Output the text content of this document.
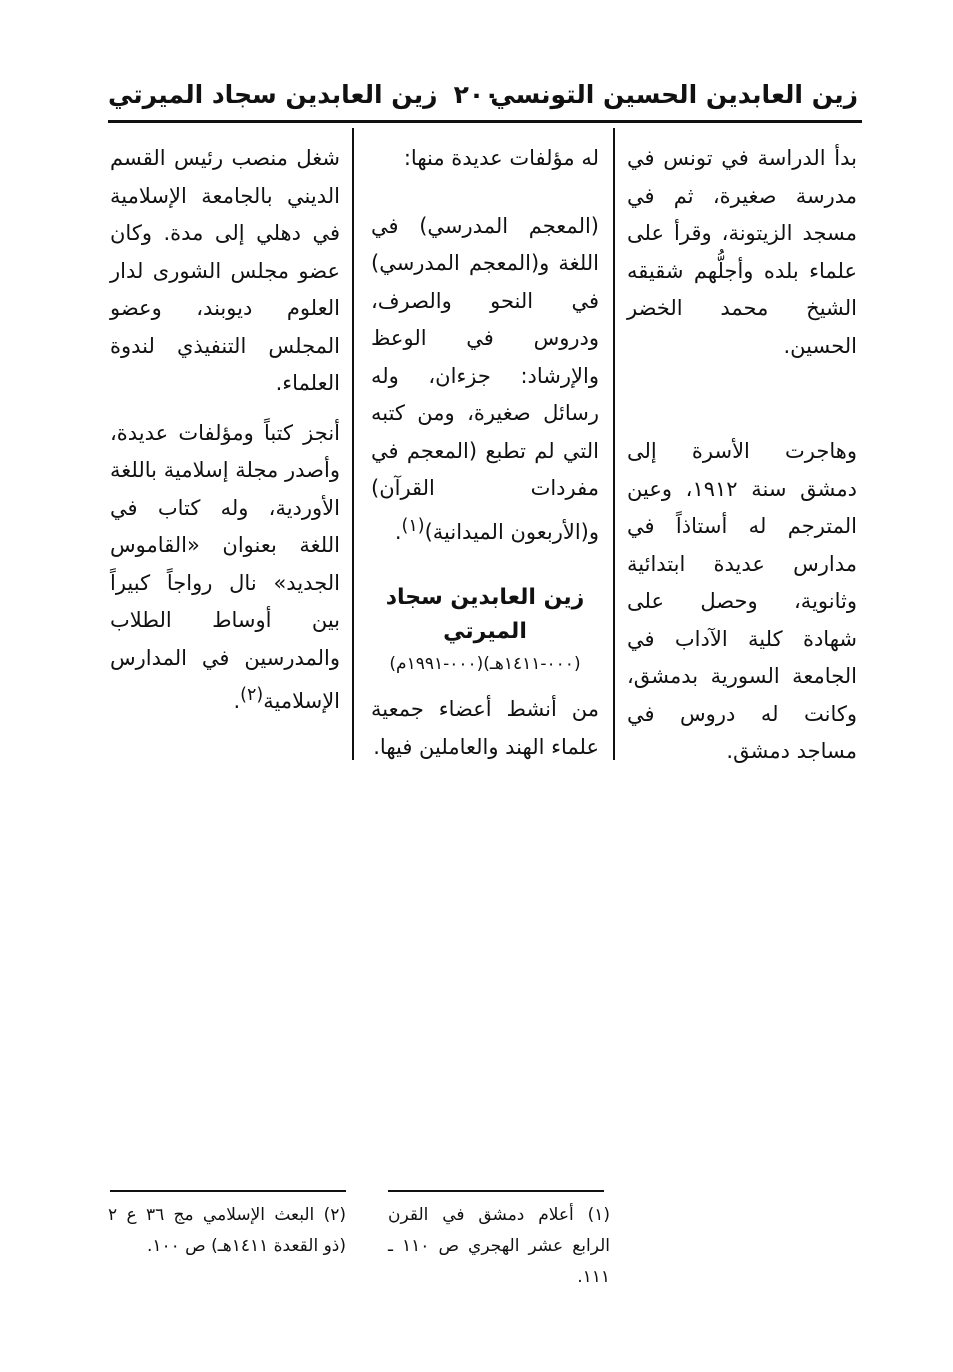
زين العابدين الحسين التونسي
٢٠٠
زين العابدين سجاد الميرتي

بدأ الدراسة في تونس في مدرسة صغيرة، ثم في مسجد الزيتونة، وقرأ على علماء بلده وأجلُّهم شقيقه الشيخ محمد الخضر الحسين.

وهاجرت الأسرة إلى دمشق سنة ١٩١٢، وعين المترجم له أستاذاً في مدارس عديدة ابتدائية وثانوية، وحصل على شهادة كلية الآداب في الجامعة السورية بدمشق، وكانت له دروس في مساجد دمشق.

له مؤلفات عديدة منها:

(المعجم المدرسي) في اللغة و(المعجم المدرسي) في النحو والصرف، ودروس في الوعظ والإرشاد: جزءان، وله رسائل صغيرة، ومن كتبه التي لم تطبع (المعجم في مفردات القرآن) و(الأربعون الميدانية)$^{(١)}$.

زين العابدين سجاد الميرتي

(٠٠٠-١٤١١هـ)(٠٠٠-١٩٩١م)

من أنشط أعضاء جمعية علماء الهند والعاملين فيها.

شغل منصب رئيس القسم الديني بالجامعة الإسلامية في دهلي إلى مدة. وكان عضو مجلس الشورى لدار العلوم ديوبند، وعضو المجلس التنفيذي لندوة العلماء.

أنجز كتباً ومؤلفات عديدة، وأصدر مجلة إسلامية باللغة الأوردية، وله كتاب في اللغة بعنوان «القاموس الجديد» نال رواجاً كبيراً بين أوساط الطلاب والمدرسين في المدارس الإسلامية$^{(٢)}$.

(١) أعلام دمشق في القرن الرابع عشر الهجري ص ١١٠ ـ ١١١.
(٢) البعث الإسلامي مج ٣٦ ع ٢ (ذو القعدة ١٤١١هـ) ص ١٠٠.
